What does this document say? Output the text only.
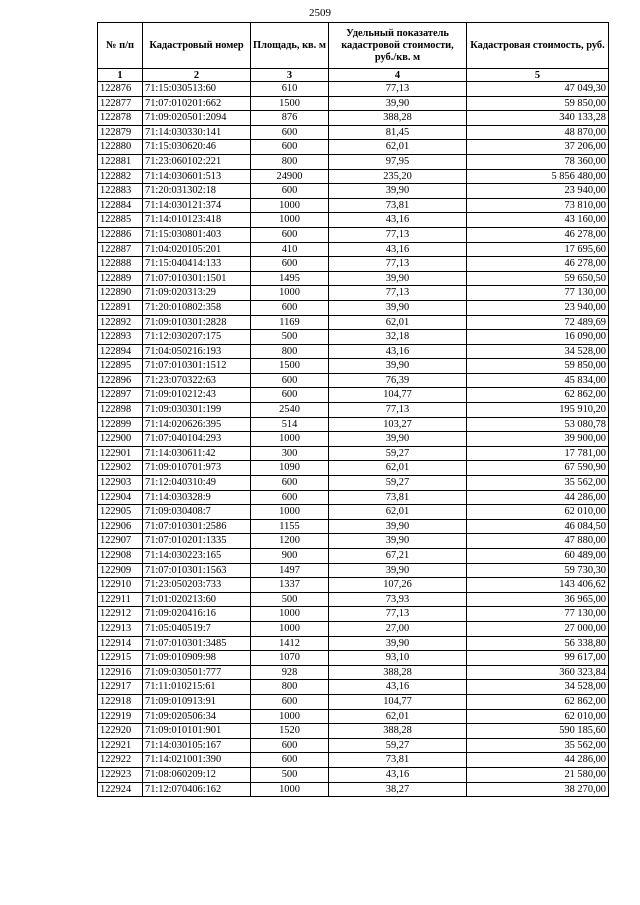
2509
№ п/п	Кадастровый номер	Площадь, кв. м	Удельный показатель кадастровой стоимости, руб./кв. м	Кадастровая стоимость, руб.
1	2	3	4	5
122876	71:15:030513:60	610	77,13	47 049,30
122877	71:07:010201:662	1500	39,90	59 850,00
122878	71:09:020501:2094	876	388,28	340 133,28
122879	71:14:030330:141	600	81,45	48 870,00
122880	71:15:030620:46	600	62,01	37 206,00
122881	71:23:060102:221	800	97,95	78 360,00
122882	71:14:030601:513	24900	235,20	5 856 480,00
122883	71:20:031302:18	600	39,90	23 940,00
122884	71:14:030121:374	1000	73,81	73 810,00
122885	71:14:010123:418	1000	43,16	43 160,00
122886	71:15:030801:403	600	77,13	46 278,00
122887	71:04:020105:201	410	43,16	17 695,60
122888	71:15:040414:133	600	77,13	46 278,00
122889	71:07:010301:1501	1495	39,90	59 650,50
122890	71:09:020313:29	1000	77,13	77 130,00
122891	71:20:010802:358	600	39,90	23 940,00
122892	71:09:010301:2828	1169	62,01	72 489,69
122893	71:12:030207:175	500	32,18	16 090,00
122894	71:04:050216:193	800	43,16	34 528,00
122895	71:07:010301:1512	1500	39,90	59 850,00
122896	71:23:070322:63	600	76,39	45 834,00
122897	71:09:010212:43	600	104,77	62 862,00
122898	71:09:030301:199	2540	77,13	195 910,20
122899	71:14:020626:395	514	103,27	53 080,78
122900	71:07:040104:293	1000	39,90	39 900,00
122901	71:14:030611:42	300	59,27	17 781,00
122902	71:09:010701:973	1090	62,01	67 590,90
122903	71:12:040310:49	600	59,27	35 562,00
122904	71:14:030328:9	600	73,81	44 286,00
122905	71:09:030408:7	1000	62,01	62 010,00
122906	71:07:010301:2586	1155	39,90	46 084,50
122907	71:07:010201:1335	1200	39,90	47 880,00
122908	71:14:030223:165	900	67,21	60 489,00
122909	71:07:010301:1563	1497	39,90	59 730,30
122910	71:23:050203:733	1337	107,26	143 406,62
122911	71:01:020213:60	500	73,93	36 965,00
122912	71:09:020416:16	1000	77,13	77 130,00
122913	71:05:040519:7	1000	27,00	27 000,00
122914	71:07:010301:3485	1412	39,90	56 338,80
122915	71:09:010909:98	1070	93,10	99 617,00
122916	71:09:030501:777	928	388,28	360 323,84
122917	71:11:010215:61	800	43,16	34 528,00
122918	71:09:010913:91	600	104,77	62 862,00
122919	71:09:020506:34	1000	62,01	62 010,00
122920	71:09:010101:901	1520	388,28	590 185,60
122921	71:14:030105:167	600	59,27	35 562,00
122922	71:14:021001:390	600	73,81	44 286,00
122923	71:08:060209:12	500	43,16	21 580,00
122924	71:12:070406:162	1000	38,27	38 270,00
